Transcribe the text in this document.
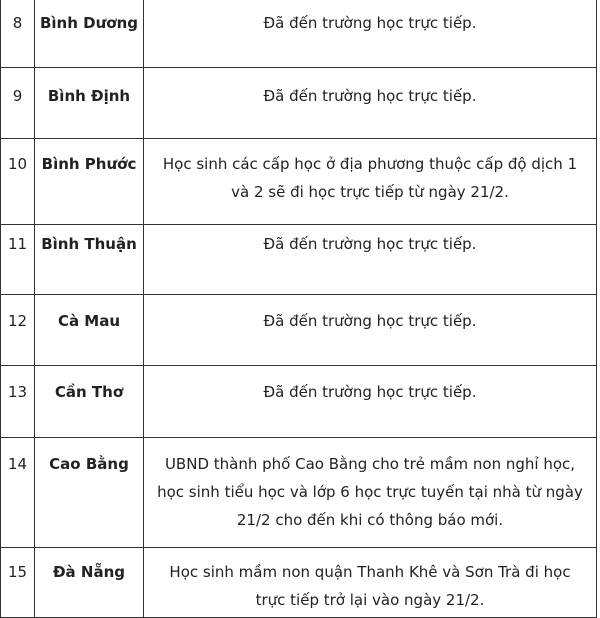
8	Bình Dương	Đã đến trường học trực tiếp.
9	Bình Định	Đã đến trường học trực tiếp.
10	Bình Phước	Học sinh các cấp học ở địa phương thuộc cấp độ dịch 1 và 2 sẽ đi học trực tiếp từ ngày 21/2.
11	Bình Thuận	Đã đến trường học trực tiếp.
12	Cà Mau	Đã đến trường học trực tiếp.
13	Cần Thơ	Đã đến trường học trực tiếp.
14	Cao Bằng	UBND thành phố Cao Bằng cho trẻ mầm non nghỉ học, học sinh tiểu học và lớp 6 học trực tuyến tại nhà từ ngày 21/2 cho đến khi có thông báo mới.
15	Đà Nẵng	Học sinh mầm non quận Thanh Khê và Sơn Trà đi học trực tiếp trở lại vào ngày 21/2.
